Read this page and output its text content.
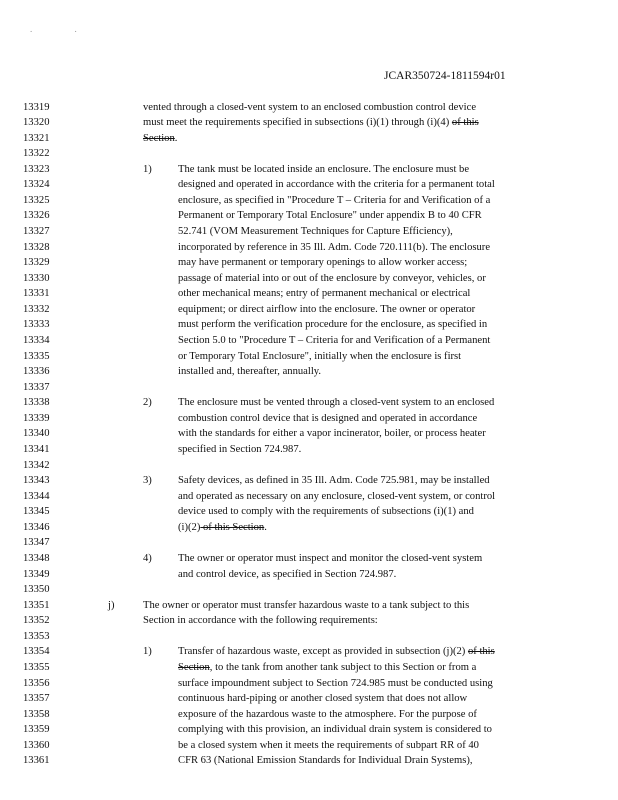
. .
JCAR350724-1811594r01
13319	vented through a closed-vent system to an enclosed combustion control device
13320	must meet the requirements specified in subsections (i)(1) through (i)(4) of this
13321	Section.
13322
13323	1) The tank must be located inside an enclosure. The enclosure must be
13324	designed and operated in accordance with the criteria for a permanent total
13325	enclosure, as specified in "Procedure T – Criteria for and Verification of a
13326	Permanent or Temporary Total Enclosure" under appendix B to 40 CFR
13327	52.741 (VOM Measurement Techniques for Capture Efficiency),
13328	incorporated by reference in 35 Ill. Adm. Code 720.111(b). The enclosure
13329	may have permanent or temporary openings to allow worker access;
13330	passage of material into or out of the enclosure by conveyor, vehicles, or
13331	other mechanical means; entry of permanent mechanical or electrical
13332	equipment; or direct airflow into the enclosure. The owner or operator
13333	must perform the verification procedure for the enclosure, as specified in
13334	Section 5.0 to "Procedure T – Criteria for and Verification of a Permanent
13335	or Temporary Total Enclosure", initially when the enclosure is first
13336	installed and, thereafter, annually.
13337
13338	2) The enclosure must be vented through a closed-vent system to an enclosed
13339	combustion control device that is designed and operated in accordance
13340	with the standards for either a vapor incinerator, boiler, or process heater
13341	specified in Section 724.987.
13342
13343	3) Safety devices, as defined in 35 Ill. Adm. Code 725.981, may be installed
13344	and operated as necessary on any enclosure, closed-vent system, or control
13345	device used to comply with the requirements of subsections (i)(1) and
13346	(i)(2) of this Section.
13347
13348	4) The owner or operator must inspect and monitor the closed-vent system
13349	and control device, as specified in Section 724.987.
13350
13351	j)	The owner or operator must transfer hazardous waste to a tank subject to this
13352	Section in accordance with the following requirements:
13353
13354	1) Transfer of hazardous waste, except as provided in subsection (j)(2) of this
13355	Section, to the tank from another tank subject to this Section or from a
13356	surface impoundment subject to Section 724.985 must be conducted using
13357	continuous hard-piping or another closed system that does not allow
13358	exposure of the hazardous waste to the atmosphere. For the purpose of
13359	complying with this provision, an individual drain system is considered to
13360	be a closed system when it meets the requirements of subpart RR of 40
13361	CFR 63 (National Emission Standards for Individual Drain Systems),
